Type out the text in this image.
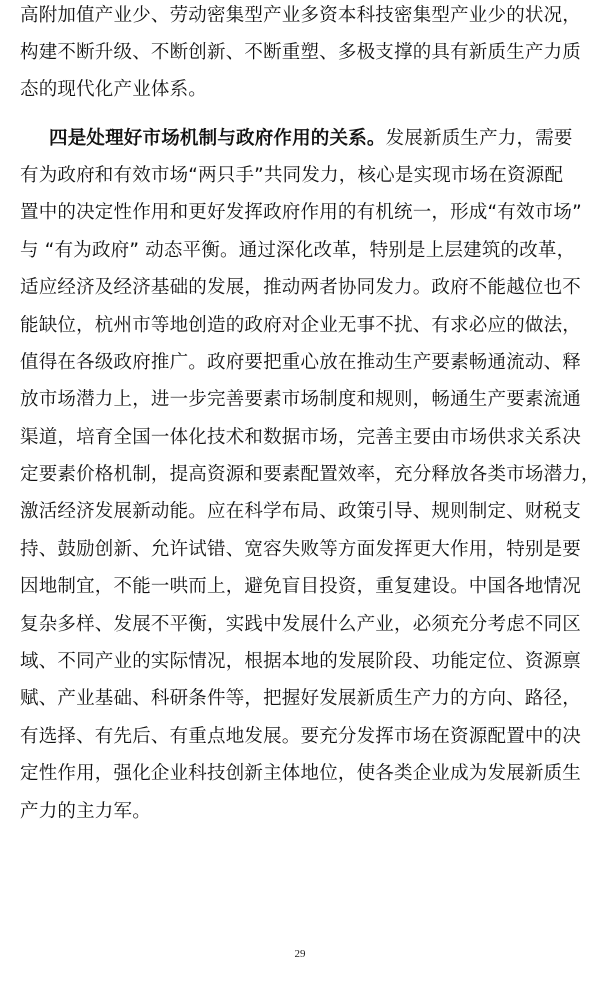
高附加值产业少、劳动密集型产业多资本科技密集型产业少的状况，
构建不断升级、不断创新、不断重塑、多极支撑的具有新质生产力质
态的现代化产业体系。
四是处理好市场机制与政府作用的关系。发展新质生产力，需要
有为政府和有效市场“两只手”共同发力，核心是实现市场在资源配
置中的决定性作用和更好发挥政府作用的有机统一，形成“有效市场”
与 “有为政府” 动态平衡。通过深化改革，特别是上层建筑的改革，
适应经济及经济基础的发展，推动两者协同发力。政府不能越位也不
能缺位，杭州市等地创造的政府对企业无事不扰、有求必应的做法，
值得在各级政府推广。政府要把重心放在推动生产要素畅通流动、释
放市场潜力上，进一步完善要素市场制度和规则，畅通生产要素流通
渠道，培育全国一体化技术和数据市场，完善主要由市场供求关系决
定要素价格机制，提高资源和要素配置效率，充分释放各类市场潜力，
激活经济发展新动能。应在科学布局、政策引导、规则制定、财税支
持、鼓励创新、允许试错、宽容失败等方面发挥更大作用，特别是要
因地制宜，不能一哄而上，避免盲目投资，重复建设。中国各地情况
复杂多样、发展不平衡，实践中发展什么产业，必须充分考虑不同区
域、不同产业的实际情况，根据本地的发展阶段、功能定位、资源禀
赋、产业基础、科研条件等，把握好发展新质生产力的方向、路径，
有选择、有先后、有重点地发展。要充分发挥市场在资源配置中的决
定性作用，强化企业科技创新主体地位，使各类企业成为发展新质生
产力的主力军。
29
